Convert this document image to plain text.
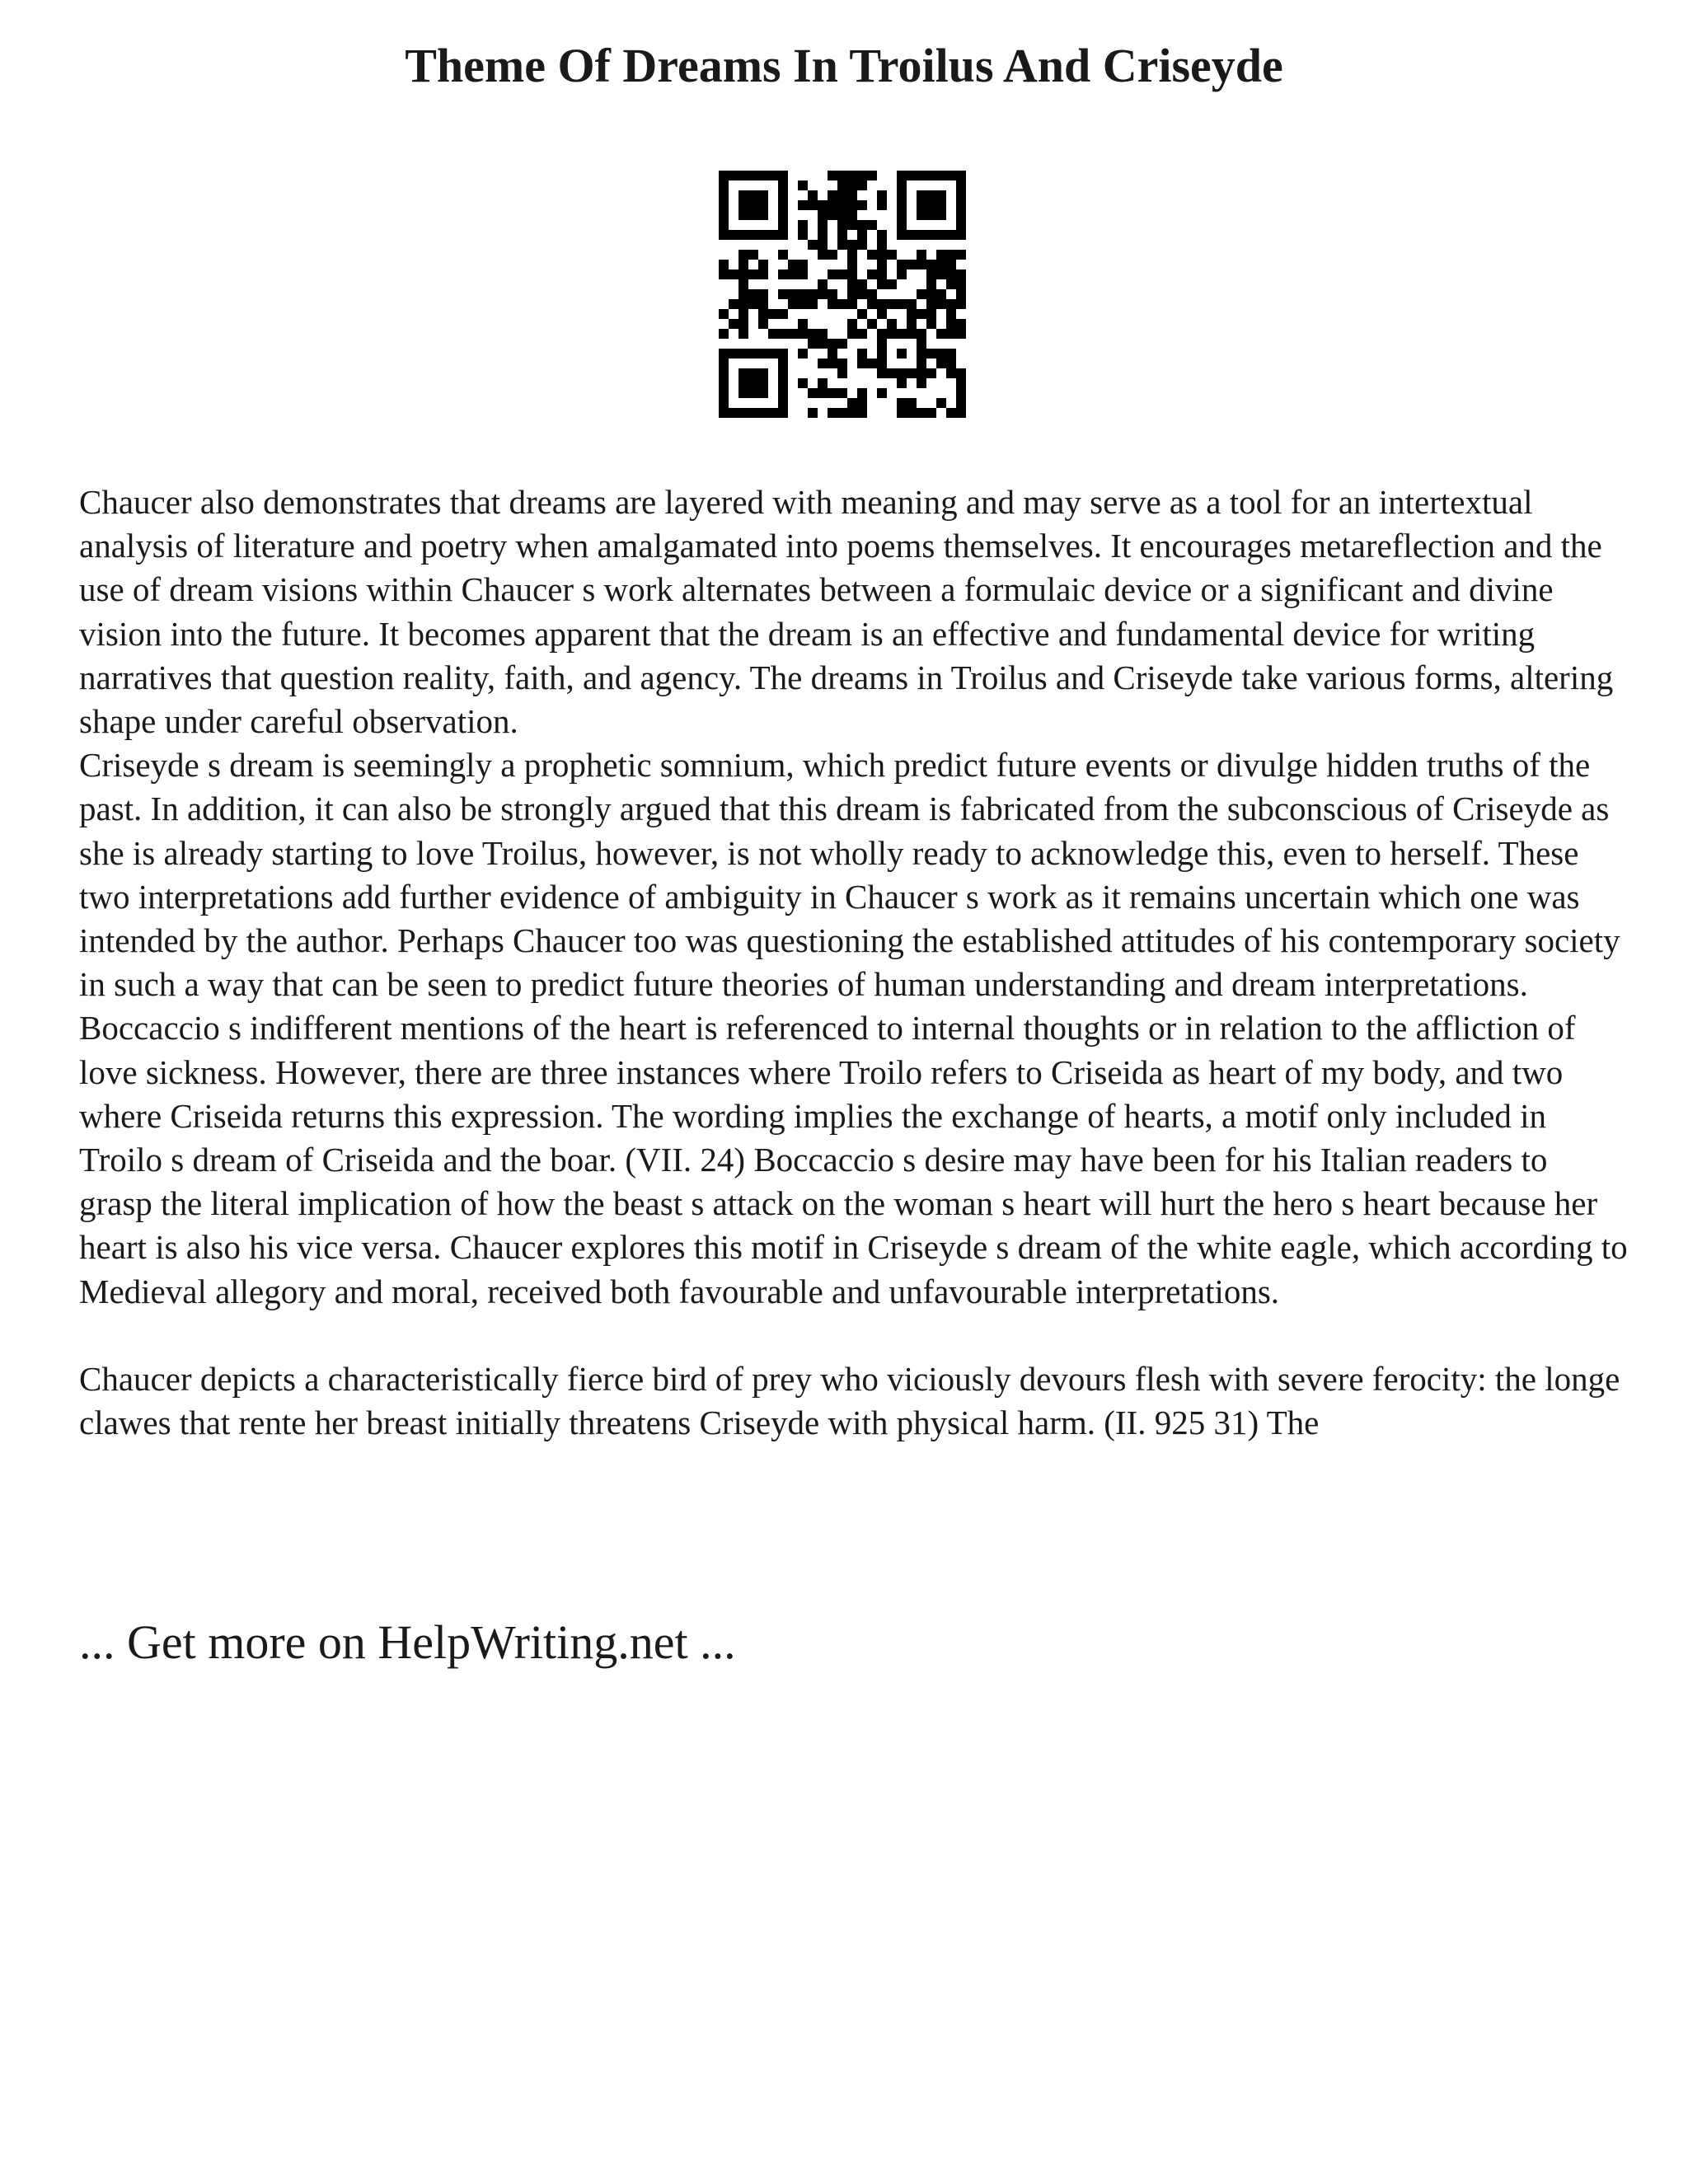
Theme Of Dreams In Troilus And Criseyde

Chaucer also demonstrates that dreams are layered with meaning and may serve as a tool for an intertextual analysis of literature and poetry when amalgamated into poems themselves. It encourages metareflection and the use of dream visions within Chaucer s work alternates between a formulaic device or a significant and divine vision into the future. It becomes apparent that the dream is an effective and fundamental device for writing narratives that question reality, faith, and agency. The dreams in Troilus and Criseyde take various forms, altering shape under careful observation.

Criseyde s dream is seemingly a prophetic somnium, which predict future events or divulge hidden truths of the past. In addition, it can also be strongly argued that this dream is fabricated from the subconscious of Criseyde as she is already starting to love Troilus, however, is not wholly ready to acknowledge this, even to herself. These two interpretations add further evidence of ambiguity in Chaucer s work as it remains uncertain which one was intended by the author. Perhaps Chaucer too was questioning the established attitudes of his contemporary society in such a way that can be seen to predict future theories of human understanding and dream interpretations.

Boccaccio s indifferent mentions of the heart is referenced to internal thoughts or in relation to the affliction of love sickness. However, there are three instances where Troilo refers to Criseida as heart of my body, and two where Criseida returns this expression. The wording implies the exchange of hearts, a motif only included in Troilo s dream of Criseida and the boar. (VII. 24) Boccaccio s desire may have been for his Italian readers to grasp the literal implication of how the beast s attack on the woman s heart will hurt the hero s heart because her heart is also his vice versa. Chaucer explores this motif in Criseyde s dream of the white eagle, which according to Medieval allegory and moral, received both favourable and unfavourable interpretations.

Chaucer depicts a characteristically fierce bird of prey who viciously devours flesh with severe ferocity: the longe clawes that rente her breast initially threatens Criseyde with physical harm. (II. 925 31) The

... Get more on HelpWriting.net ...
